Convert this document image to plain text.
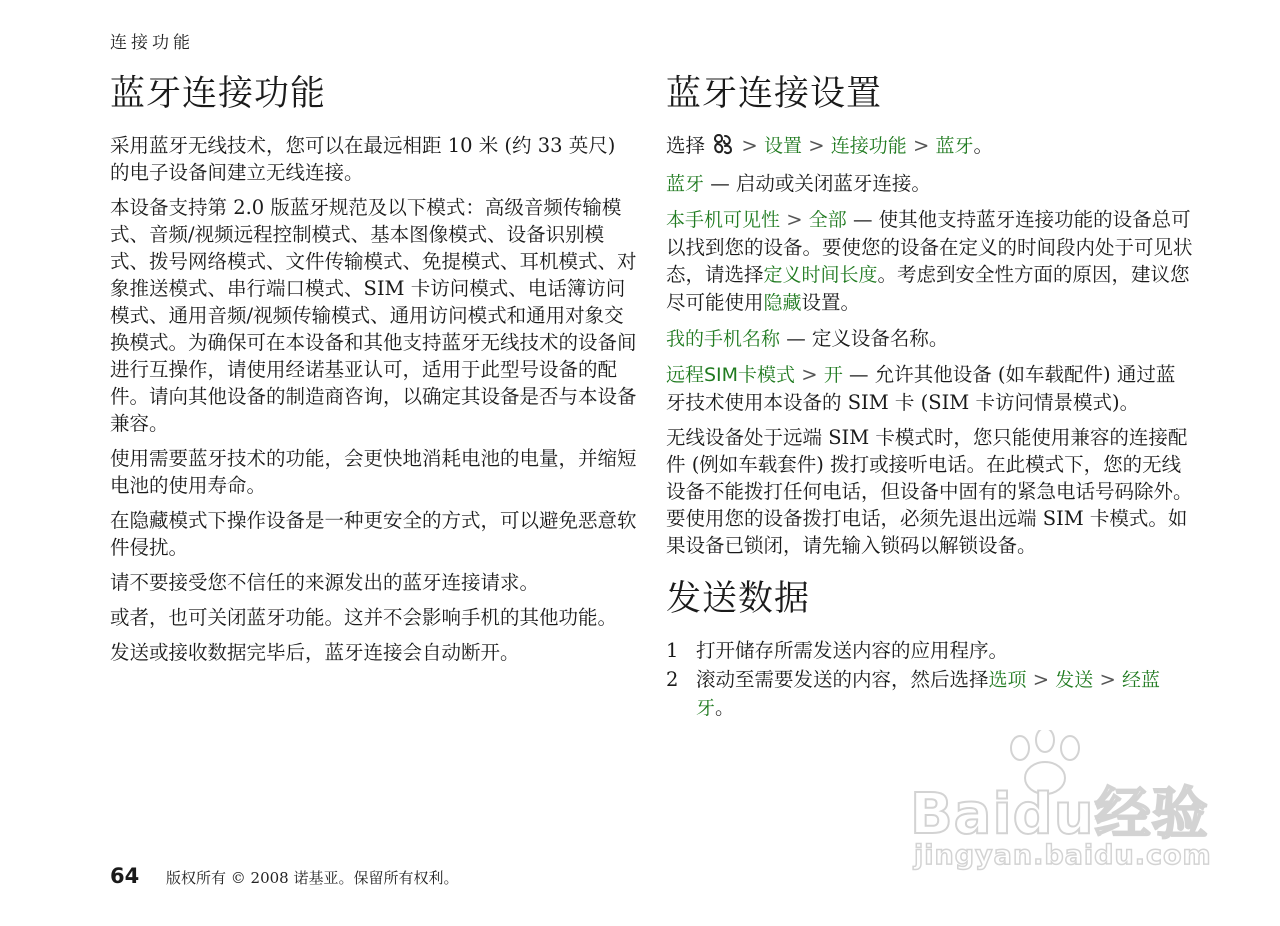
连接功能
蓝牙连接功能

采用蓝牙无线技术，您可以在最远相距 10 米 (约 33 英尺) 的电子设备间建立无线连接。

本设备支持第 2.0 版蓝牙规范及以下模式：高级音频传输模式、音频/视频远程控制模式、基本图像模式、设备识别模式、拨号网络模式、文件传输模式、免提模式、耳机模式、对象推送模式、串行端口模式、SIM 卡访问模式、电话簿访问模式、通用音频/视频传输模式、通用访问模式和通用对象交换模式。为确保可在本设备和其他支持蓝牙无线技术的设备间进行互操作，请使用经诺基亚认可，适用于此型号设备的配件。请向其他设备的制造商咨询，以确定其设备是否与本设备兼容。

使用需要蓝牙技术的功能，会更快地消耗电池的电量，并缩短电池的使用寿命。

在隐藏模式下操作设备是一种更安全的方式，可以避免恶意软件侵扰。

请不要接受您不信任的来源发出的蓝牙连接请求。

或者，也可关闭蓝牙功能。这并不会影响手机的其他功能。

发送或接收数据完毕后，蓝牙连接会自动断开。

蓝牙连接设置

选择 > 设置 > 连接功能 > 蓝牙。

蓝牙 — 启动或关闭蓝牙连接。

本手机可见性 > 全部 — 使其他支持蓝牙连接功能的设备总可以找到您的设备。要使您的设备在定义的时间段内处于可见状态，请选择定义时间长度。考虑到安全性方面的原因，建议您尽可能使用隐藏设置。

我的手机名称 — 定义设备名称。

远程SIM卡模式 > 开 — 允许其他设备 (如车载配件) 通过蓝牙技术使用本设备的 SIM 卡 (SIM 卡访问情景模式)。

无线设备处于远端 SIM 卡模式时，您只能使用兼容的连接配件 (例如车载套件) 拨打或接听电话。在此模式下，您的无线设备不能拨打任何电话，但设备中固有的紧急电话号码除外。要使用您的设备拨打电话，必须先退出远端 SIM 卡模式。如果设备已锁闭，请先输入锁码以解锁设备。

发送数据
1 打开储存所需发送内容的应用程序。
2 滚动至需要发送的内容，然后选择选项 > 发送 > 经蓝牙。
Baidu经验
jingyan.baidu.com
64	版权所有 © 2008 诺基亚。保留所有权利。
